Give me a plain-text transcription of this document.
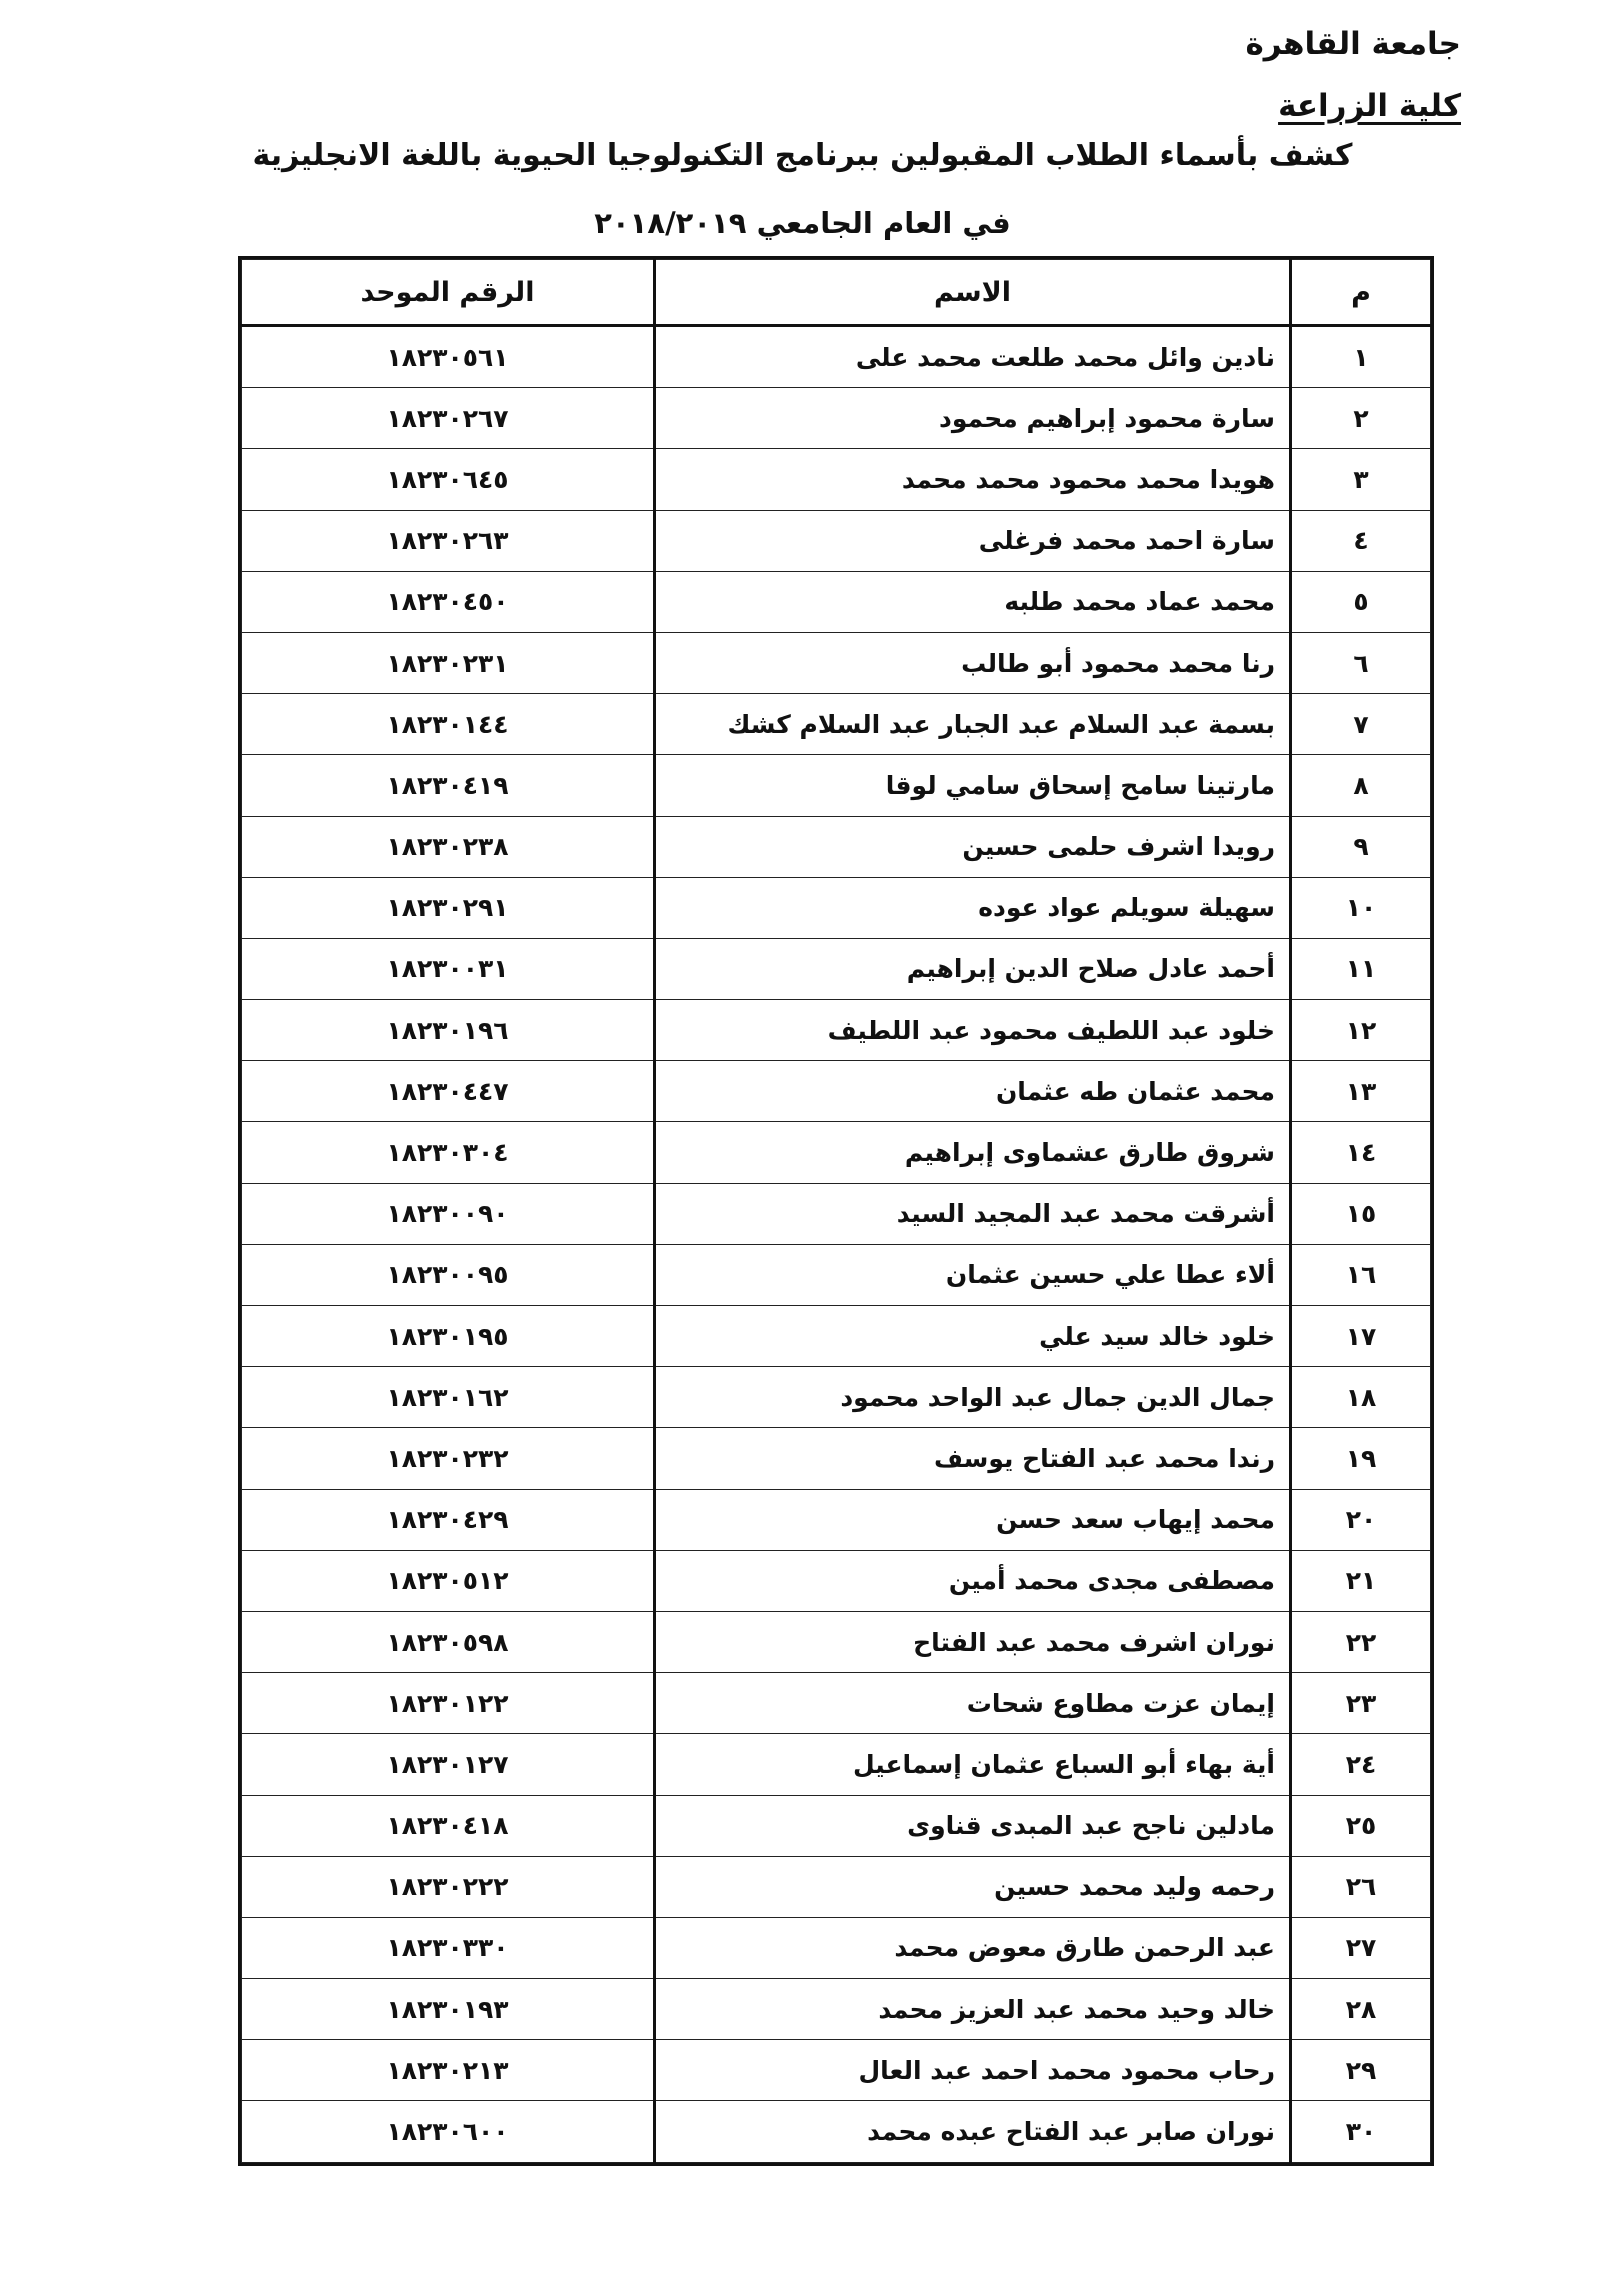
جامعة القاهرة
كلية الزراعة
كشف بأسماء الطلاب المقبولين ببرنامج التكنولوجيا الحيوية باللغة الانجليزية
في العام الجامعي ٢٠١٨/٢٠١٩
م	الاسم	الرقم الموحد
١	نادين وائل محمد طلعت محمد على	١٨٢٣٠٥٦١
٢	سارة محمود إبراهيم محمود	١٨٢٣٠٢٦٧
٣	هويدا محمد محمود محمد محمد	١٨٢٣٠٦٤٥
٤	سارة احمد محمد فرغلى	١٨٢٣٠٢٦٣
٥	محمد عماد محمد طلبه	١٨٢٣٠٤٥٠
٦	رنا محمد محمود أبو طالب	١٨٢٣٠٢٣١
٧	بسمة عبد السلام عبد الجبار عبد السلام كشك	١٨٢٣٠١٤٤
٨	مارتينا سامح إسحاق سامي لوقا	١٨٢٣٠٤١٩
٩	رويدا اشرف حلمى حسين	١٨٢٣٠٢٣٨
١٠	سهيلة سويلم عواد عوده	١٨٢٣٠٢٩١
١١	أحمد عادل صلاح الدين إبراهيم	١٨٢٣٠٠٣١
١٢	خلود عبد اللطيف محمود عبد اللطيف	١٨٢٣٠١٩٦
١٣	محمد عثمان طه عثمان	١٨٢٣٠٤٤٧
١٤	شروق طارق عشماوى إبراهيم	١٨٢٣٠٣٠٤
١٥	أشرقت محمد عبد المجيد السيد	١٨٢٣٠٠٩٠
١٦	ألاء عطا علي حسين عثمان	١٨٢٣٠٠٩٥
١٧	خلود خالد سيد علي	١٨٢٣٠١٩٥
١٨	جمال الدين جمال عبد الواحد محمود	١٨٢٣٠١٦٢
١٩	رندا محمد عبد الفتاح يوسف	١٨٢٣٠٢٣٢
٢٠	محمد إيهاب سعد حسن	١٨٢٣٠٤٢٩
٢١	مصطفى مجدى محمد أمين	١٨٢٣٠٥١٢
٢٢	نوران اشرف محمد عبد الفتاح	١٨٢٣٠٥٩٨
٢٣	إيمان عزت مطاوع شحات	١٨٢٣٠١٢٢
٢٤	أية بهاء أبو السباع عثمان إسماعيل	١٨٢٣٠١٢٧
٢٥	مادلين ناجح عبد المبدى قناوى	١٨٢٣٠٤١٨
٢٦	رحمه وليد محمد حسين	١٨٢٣٠٢٢٢
٢٧	عبد الرحمن طارق معوض محمد	١٨٢٣٠٣٣٠
٢٨	خالد وحيد محمد عبد العزيز محمد	١٨٢٣٠١٩٣
٢٩	رحاب محمود محمد احمد عبد العال	١٨٢٣٠٢١٣
٣٠	نوران صابر عبد الفتاح عبده محمد	١٨٢٣٠٦٠٠
